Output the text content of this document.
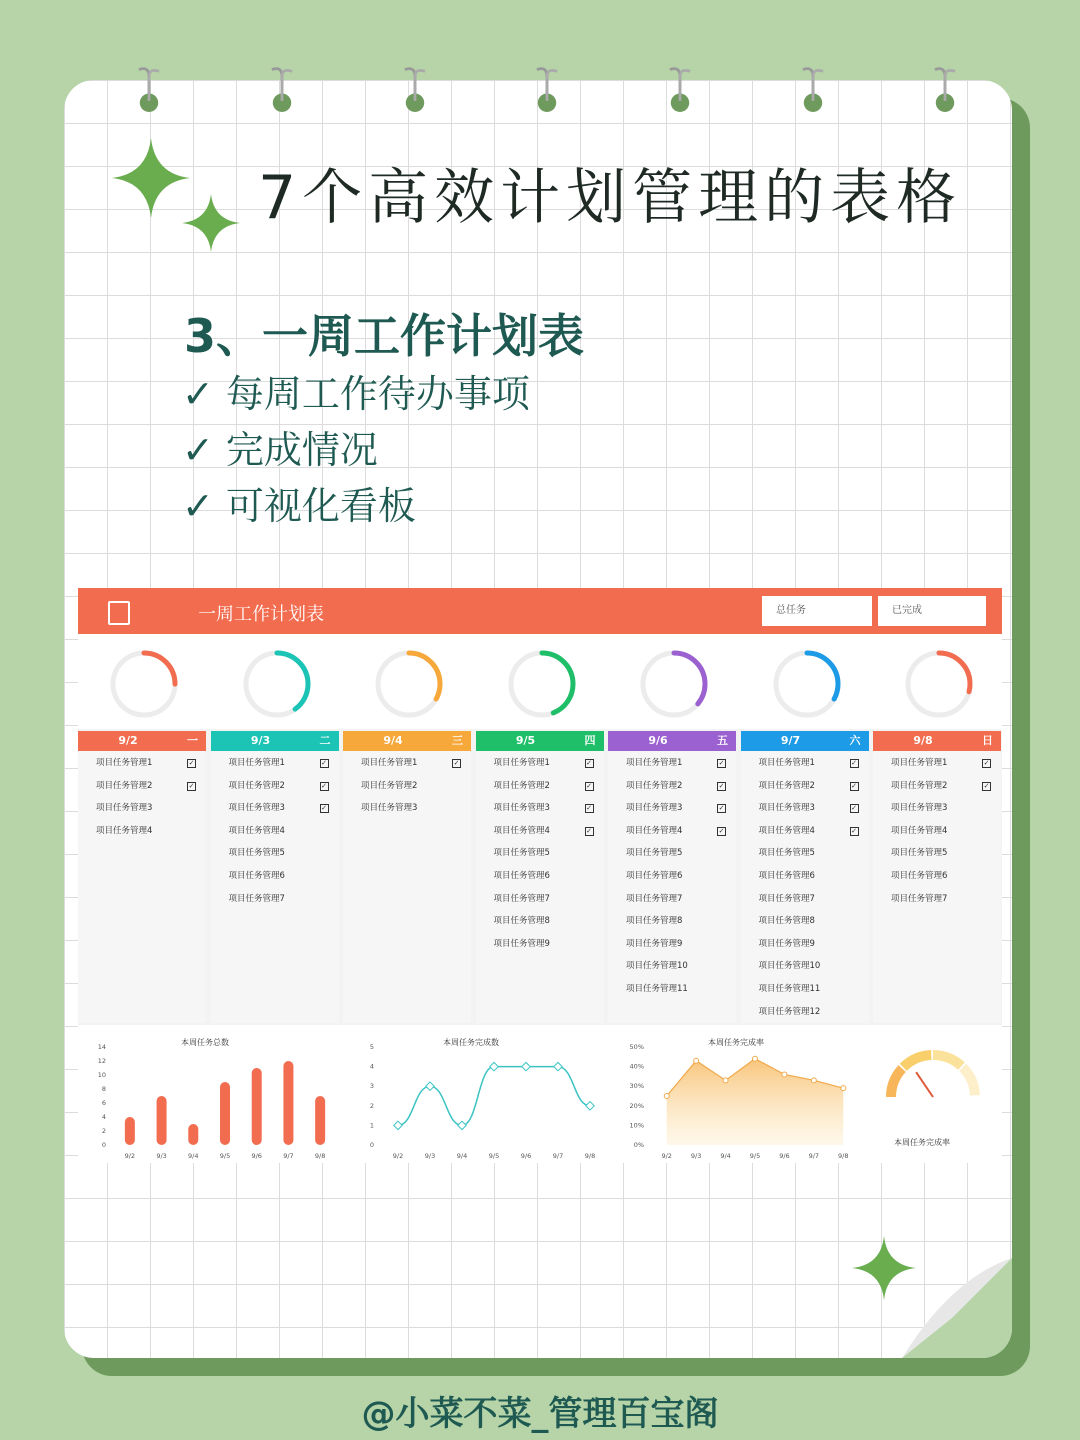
7个高效计划管理的表格
3、一周工作计划表
✓ 每周工作待办事项
✓ 完成情况
✓ 可视化看板
一周工作计划表	总任务	已完成
9/2	一
项目任务管理1	✓
项目任务管理2	✓
项目任务管理3
项目任务管理4
9/3	二
项目任务管理1	✓
项目任务管理2	✓
项目任务管理3	✓
项目任务管理4
项目任务管理5
项目任务管理6
项目任务管理7
9/4	三
项目任务管理1	✓
项目任务管理2
项目任务管理3
9/5	四
项目任务管理1	✓
项目任务管理2	✓
项目任务管理3	✓
项目任务管理4	✓
项目任务管理5
项目任务管理6
项目任务管理7
项目任务管理8
项目任务管理9
9/6	五
项目任务管理1	✓
项目任务管理2	✓
项目任务管理3	✓
项目任务管理4	✓
项目任务管理5
项目任务管理6
项目任务管理7
项目任务管理8
项目任务管理9
项目任务管理10
项目任务管理11
9/7	六
项目任务管理1	✓
项目任务管理2	✓
项目任务管理3	✓
项目任务管理4	✓
项目任务管理5
项目任务管理6
项目任务管理7
项目任务管理8
项目任务管理9
项目任务管理10
项目任务管理11
项目任务管理12
9/8	日
项目任务管理1	✓
项目任务管理2	✓
项目任务管理3
项目任务管理4
项目任务管理5
项目任务管理6
项目任务管理7
本周任务总数
0
2
4
6
8
10
12
14
9/2	9/3	9/4	9/5	9/6	9/7	9/8
本周任务完成数
0
1
2
3
4
5
9/2	9/3	9/4	9/5	9/6	9/7	9/8
本周任务完成率
0%
10%
20%
30%
40%
50%
9/2	9/3	9/4	9/5	9/6	9/7	9/8
本周任务完成率
@小菜不菜_管理百宝阁
